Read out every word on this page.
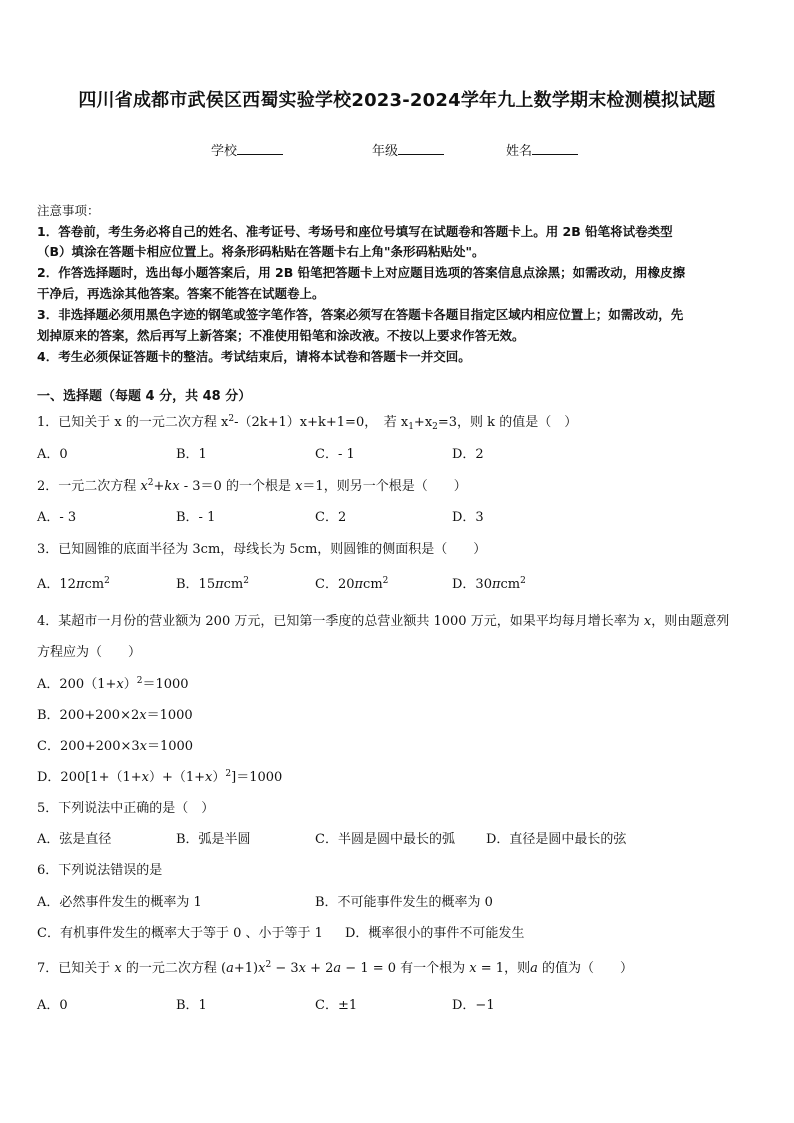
四川省成都市武侯区西蜀实验学校2023-2024学年九上数学期末检测模拟试题
学校	年级	姓名
注意事项：
1．答卷前，考生务必将自己的姓名、准考证号、考场号和座位号填写在试题卷和答题卡上。用 2B 铅笔将试卷类型
（B）填涂在答题卡相应位置上。将条形码粘贴在答题卡右上角"条形码粘贴处"。
2．作答选择题时，选出每小题答案后，用 2B 铅笔把答题卡上对应题目选项的答案信息点涂黑；如需改动，用橡皮擦
干净后，再选涂其他答案。答案不能答在试题卷上。
3．非选择题必须用黑色字迹的钢笔或签字笔作答，答案必须写在答题卡各题目指定区域内相应位置上；如需改动，先
划掉原来的答案，然后再写上新答案；不准使用铅笔和涂改液。不按以上要求作答无效。
4．考生必须保证答题卡的整洁。考试结束后，请将本试卷和答题卡一并交回。
一、选择题（每题 4 分，共 48 分）
1．已知关于 x 的一元二次方程 $x^2-(2k+1)x+k+1=0$，　若 $x_1+x_2=3$，则 k 的值是（　）
A．0	B．1	C．- 1	D．2
2．一元二次方程 $x^2+kx - 3=0$ 的一个根是 x＝1，则另一个根是（　　）
A．- 3	B．- 1	C．2	D．3
3．已知圆锥的底面半径为 3cm，母线长为 5cm，则圆锥的侧面积是（　　）
A．12πcm$^2$	B．15πcm$^2$	C．20πcm$^2$	D．30πcm$^2$
4．某超市一月份的营业额为 200 万元，已知第一季度的总营业额共 1000 万元，如果平均每月增长率为 x，则由题意列
方程应为（　　）
A．$200(1+x)^2=1000$
B．200+200×2x＝1000
C．200+200×3x＝1000
D．$200[1+(1+x)+(1+x)^2]=1000$
5．下列说法中正确的是（　）
A．弦是直径	B．弧是半圆	C．半圆是圆中最长的弧 D．直径是圆中最长的弦
6．下列说法错误的是
A．必然事件发生的概率为 1	B．不可能事件发生的概率为 0
C．有机事件发生的概率大于等于 0 、小于等于 1 D．概率很小的事件不可能发生
7．已知关于 x 的一元二次方程 $(a+1)x^2 - 3x + 2a - 1 = 0$ 有一个根为 x = 1，则a 的值为（　　）
A．0	B．1	C．±1	D．−1
